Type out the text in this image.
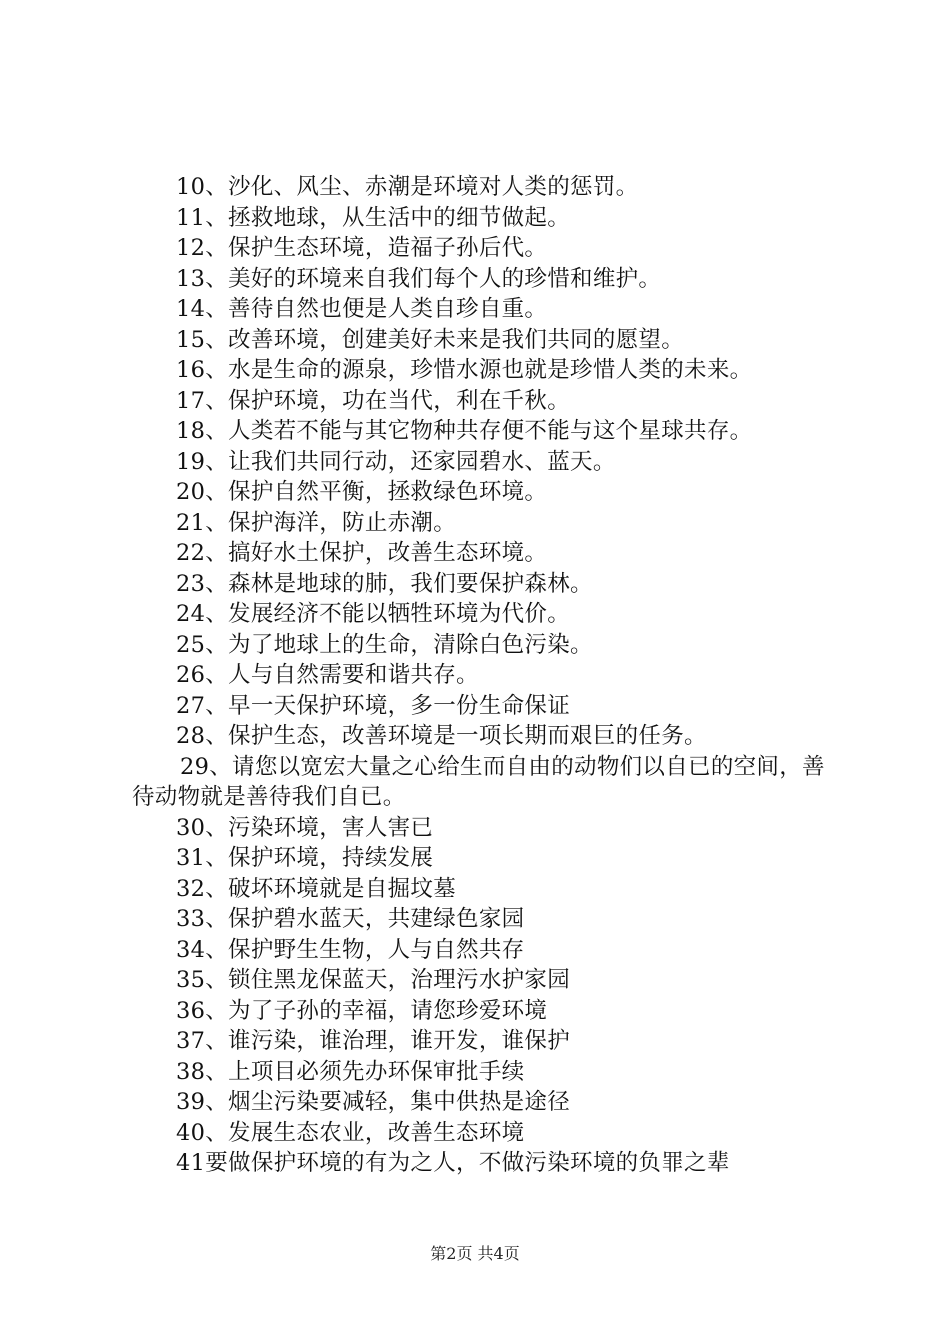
10、沙化、风尘、赤潮是环境对人类的惩罚。
11、拯救地球，从生活中的细节做起。
12、保护生态环境，造福子孙后代。
13、美好的环境来自我们每个人的珍惜和维护。
14、善待自然也便是人类自珍自重。
15、改善环境，创建美好未来是我们共同的愿望。
16、水是生命的源泉，珍惜水源也就是珍惜人类的未来。
17、保护环境，功在当代，利在千秋。
18、人类若不能与其它物种共存便不能与这个星球共存。
19、让我们共同行动，还家园碧水、蓝天。
20、保护自然平衡，拯救绿色环境。
21、保护海洋，防止赤潮。
22、搞好水土保护，改善生态环境。
23、森林是地球的肺，我们要保护森林。
24、发展经济不能以牺牲环境为代价。
25、为了地球上的生命，清除白色污染。
26、人与自然需要和谐共存。
27、早一天保护环境，多一份生命保证
28、保护生态，改善环境是一项长期而艰巨的任务。
29、请您以宽宏大量之心给生而自由的动物们以自已的空间，善待动物就是善待我们自已。
30、污染环境，害人害已
31、保护环境，持续发展
32、破坏环境就是自掘坟墓
33、保护碧水蓝天，共建绿色家园
34、保护野生生物，人与自然共存
35、锁住黑龙保蓝天，治理污水护家园
36、为了子孙的幸福，请您珍爱环境
37、谁污染，谁治理，谁开发，谁保护
38、上项目必须先办环保审批手续
39、烟尘污染要减轻，集中供热是途径
40、发展生态农业，改善生态环境
41要做保护环境的有为之人，不做污染环境的负罪之辈
第2页 共4页
